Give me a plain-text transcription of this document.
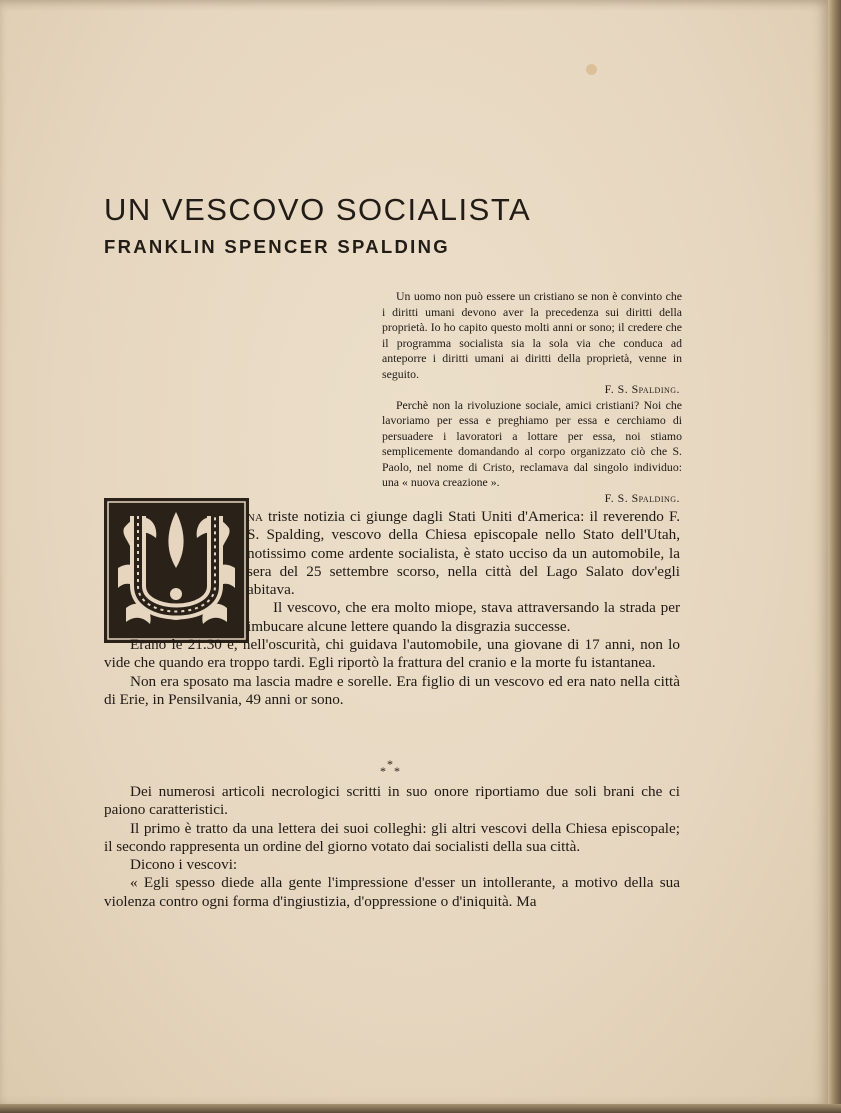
UN VESCOVO SOCIALISTA
FRANKLIN SPENCER SPALDING

Un uomo non può essere un cristiano se non è convinto che i diritti umani devono aver la precedenza sui diritti della proprietà. Io ho capito questo molti anni or sono; il credere che il programma socialista sia la sola via che conduca ad anteporre i diritti umani ai diritti della proprietà, venne in seguito.

F. S. Spalding.

Perchè non la rivoluzione sociale, amici cristiani? Noi che lavoriamo per essa e preghiamo per essa e cerchiamo di persuadere i lavoratori a lottare per essa, noi stiamo semplicemente domandando al corpo organizzato ciò che S. Paolo, nel nome di Cristo, reclamava dal singolo individuo: una « nuova creazione ».

F. S. Spalding.

na triste notizia ci giunge dagli Stati Uniti d'America: il reverendo F. S. Spalding, vescovo della Chiesa episcopale nello Stato dell'Utah, notissimo come ardente socialista, è stato ucciso da un automobile, la sera del 25 settembre scorso, nella città del Lago Salato dov'egli abitava.

Il vescovo, che era molto miope, stava attraversando la strada per imbucare alcune lettere quando la disgrazia successe.

Erano le 21.30 e, nell'oscurità, chi guidava l'automobile, una giovane di 17 anni, non lo vide che quando era troppo tardi. Egli riportò la frattura del cranio e la morte fu istantanea.

Non era sposato ma lascia madre e sorelle. Era figlio di un vescovo ed era nato nella città di Erie, in Pensilvania, 49 anni or sono.

*
* *

Dei numerosi articoli necrologici scritti in suo onore riportiamo due soli brani che ci paiono caratteristici.

Il primo è tratto da una lettera dei suoi colleghi: gli altri vescovi della Chiesa episcopale; il secondo rappresenta un ordine del giorno votato dai socialisti della sua città.

Dicono i vescovi:

« Egli spesso diede alla gente l'impressione d'esser un intollerante, a motivo della sua violenza contro ogni forma d'ingiustizia, d'oppressione o d'iniquità. Ma
